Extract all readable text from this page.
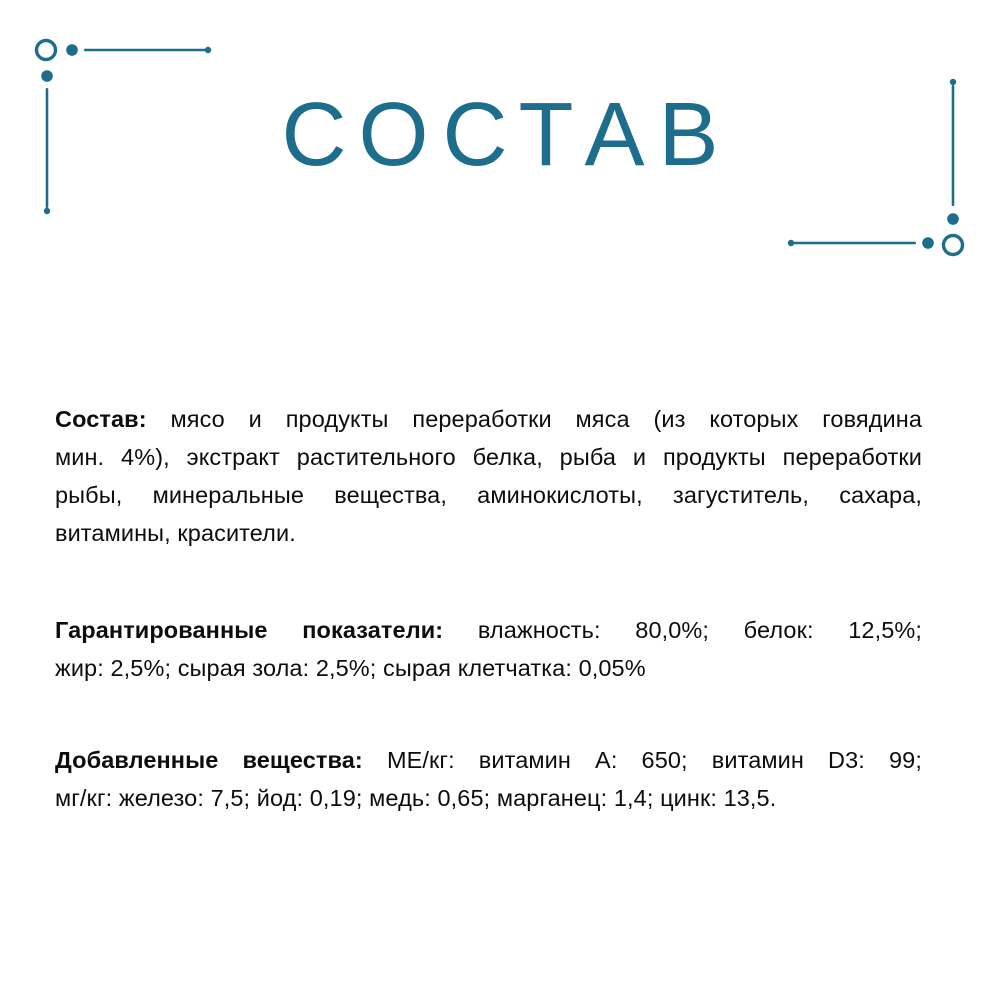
СОСТАВ
Состав: мясо и продукты переработки мяса (из которых говядина
мин. 4%), экстракт растительного белка, рыба и продукты переработки
рыбы, минеральные вещества, аминокислоты, загуститель, сахара,
витамины, красители.
Гарантированные показатели: влажность: 80,0%; белок: 12,5%;
жир: 2,5%; сырая зола: 2,5%; сырая клетчатка: 0,05%
Добавленные вещества: МЕ/кг: витамин А: 650; витамин D3: 99;
мг/кг: железо: 7,5; йод: 0,19; медь: 0,65; марганец: 1,4; цинк: 13,5.
